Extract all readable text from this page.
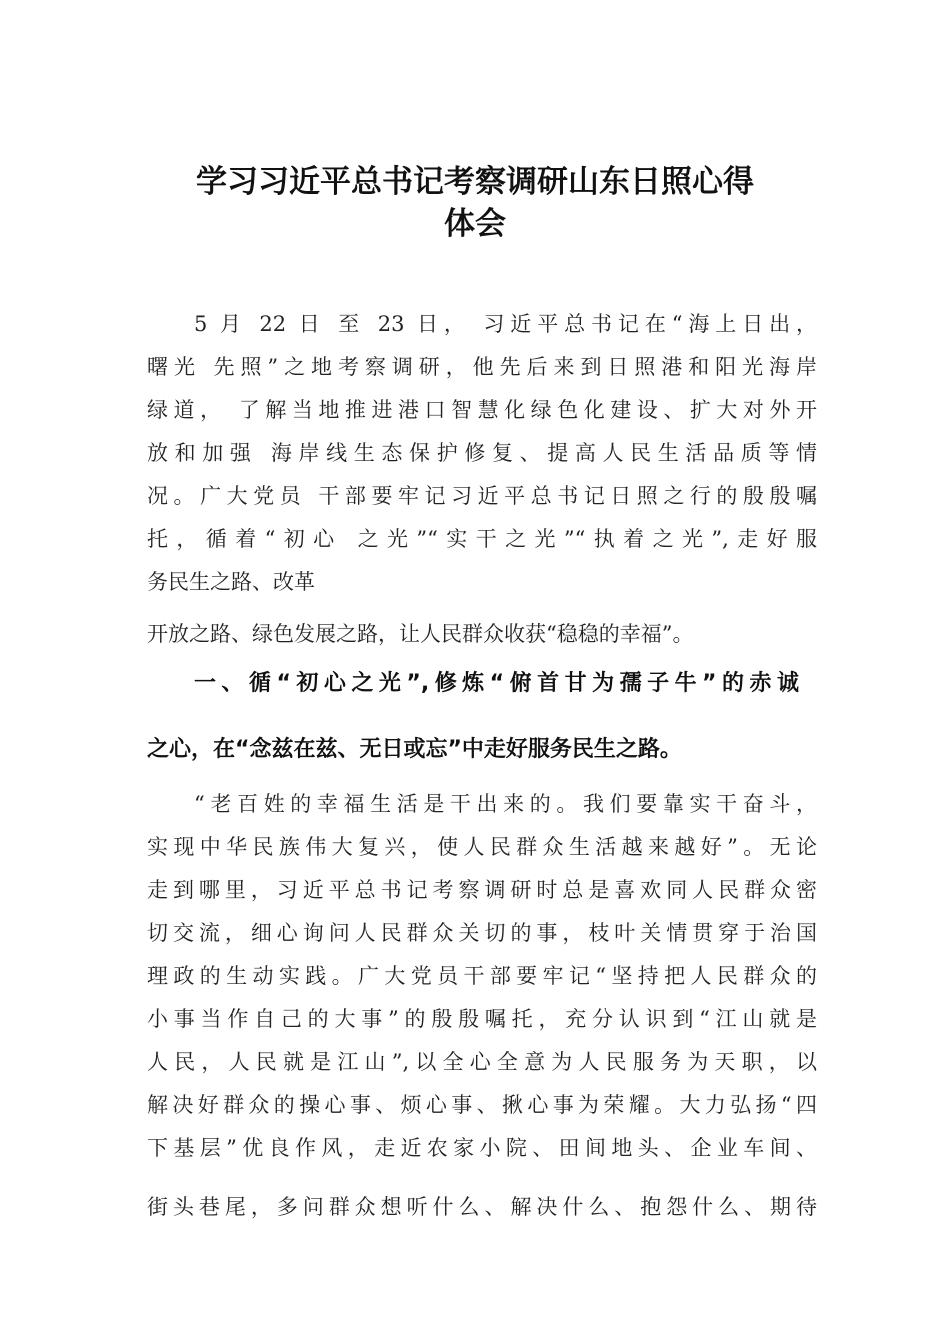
学习习近平总书记考察调研山东日照心得
体会

5 月 22 日 至 23 日， 习近平总书记在“海上日出，

曙光 先照”之地考察调研，他先后来到日照港和阳光海岸

绿道， 了解当地推进港口智慧化绿色化建设、扩大对外开

放和加强 海岸线生态保护修复、提高人民生活品质等情

况。广大党员 干部要牢记习近平总书记日照之行的殷殷嘱

托，循着“初心 之光”“实干之光”“执着之光”,走好服

务民生之路、改革

开放之路、绿色发展之路，让人民群众收获“稳稳的幸福”。

一、循“初心之光”,修炼“俯首甘为孺子牛”的赤诚
之心，在“念兹在兹、无日或忘”中走好服务民生之路。

“老百姓的幸福生活是干出来的。我们要靠实干奋斗，

实现中华民族伟大复兴，使人民群众生活越来越好”。无论

走到哪里，习近平总书记考察调研时总是喜欢同人民群众密

切交流，细心询问人民群众关切的事，枝叶关情贯穿于治国

理政的生动实践。广大党员干部要牢记“坚持把人民群众的

小事当作自己的大事”的殷殷嘱托，充分认识到“江山就是

人民，人民就是江山”,以全心全意为人民服务为天职，以

解决好群众的操心事、烦心事、揪心事为荣耀。大力弘扬“四

下基层”优良作风，走近农家小院、田间地头、企业车间、

街头巷尾，多问群众想听什么、解决什么、抱怨什么、期待
